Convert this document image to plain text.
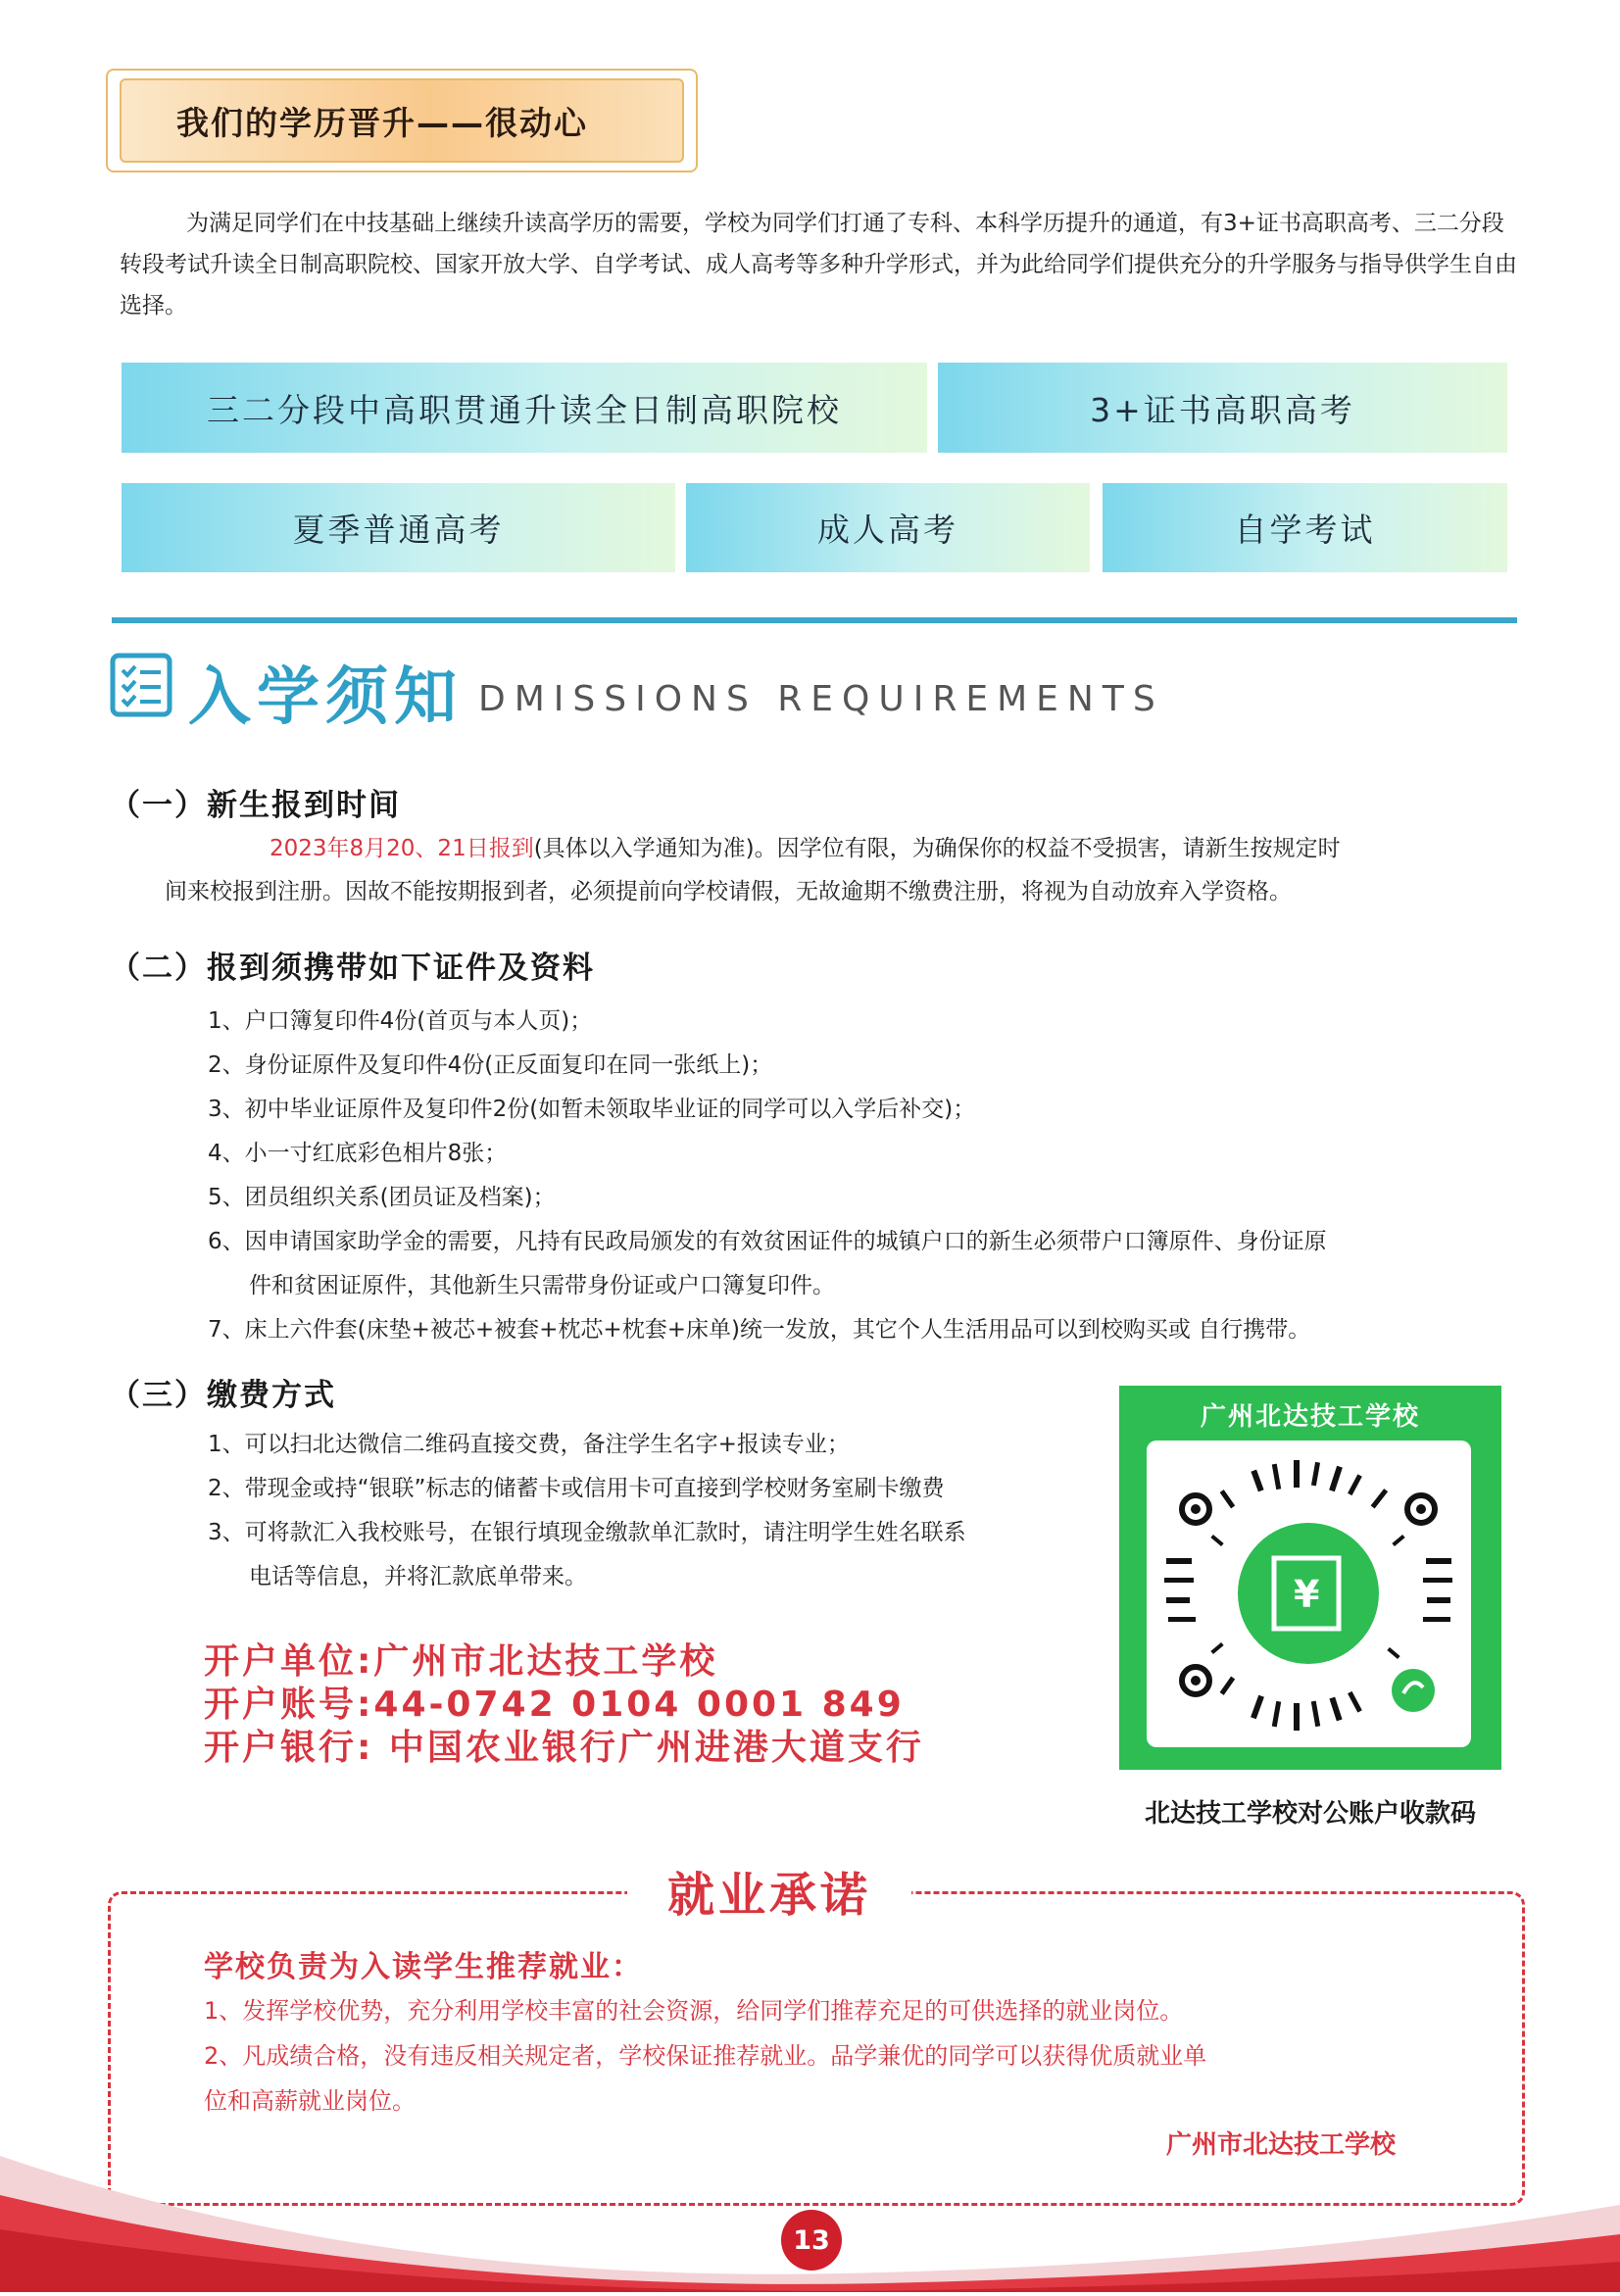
我们的学历晋升——很动心
为满足同学们在中技基础上继续升读高学历的需要，学校为同学们打通了专科、本科学历提升的通道，有3+证书高职高考、三二分段转段考试升读全日制高职院校、国家开放大学、自学考试、成人高考等多种升学形式，并为此给同学们提供充分的升学服务与指导供学生自由选择。
三二分段中高职贯通升读全日制高职院校	3+证书高职高考
夏季普通高考	成人高考	自学考试
入学须知 DMISSIONS REQUIREMENTS
（一）新生报到时间
2023年8月20、21日报到(具体以入学通知为准)。因学位有限，为确保你的权益不受损害，请新生按规定时
间来校报到注册。因故不能按期报到者，必须提前向学校请假，无故逾期不缴费注册，将视为自动放弃入学资格。
（二）报到须携带如下证件及资料
1、户口簿复印件4份(首页与本人页)；
2、身份证原件及复印件4份(正反面复印在同一张纸上)；
3、初中毕业证原件及复印件2份(如暂未领取毕业证的同学可以入学后补交)；
4、小一寸红底彩色相片8张；
5、团员组织关系(团员证及档案)；
6、因申请国家助学金的需要，凡持有民政局颁发的有效贫困证件的城镇户口的新生必须带户口簿原件、身份证原
件和贫困证原件，其他新生只需带身份证或户口簿复印件。
7、床上六件套(床垫+被芯+被套+枕芯+枕套+床单)统一发放，其它个人生活用品可以到校购买或 自行携带。
（三）缴费方式
1、可以扫北达微信二维码直接交费，备注学生名字+报读专业；
2、带现金或持“银联”标志的储蓄卡或信用卡可直接到学校财务室刷卡缴费
3、可将款汇入我校账号，在银行填现金缴款单汇款时，请注明学生姓名联系
电话等信息，并将汇款底单带来。
开户单位:广州市北达技工学校
开户账号:44-0742 0104 0001 849
开户银行: 中国农业银行广州进港大道支行
广州北达技工学校
¥
北达技工学校对公账户收款码
就业承诺
学校负责为入读学生推荐就业：
1、发挥学校优势，充分利用学校丰富的社会资源，给同学们推荐充足的可供选择的就业岗位。
2、凡成绩合格，没有违反相关规定者，学校保证推荐就业。品学兼优的同学可以获得优质就业单
位和高薪就业岗位。
广州市北达技工学校
13
